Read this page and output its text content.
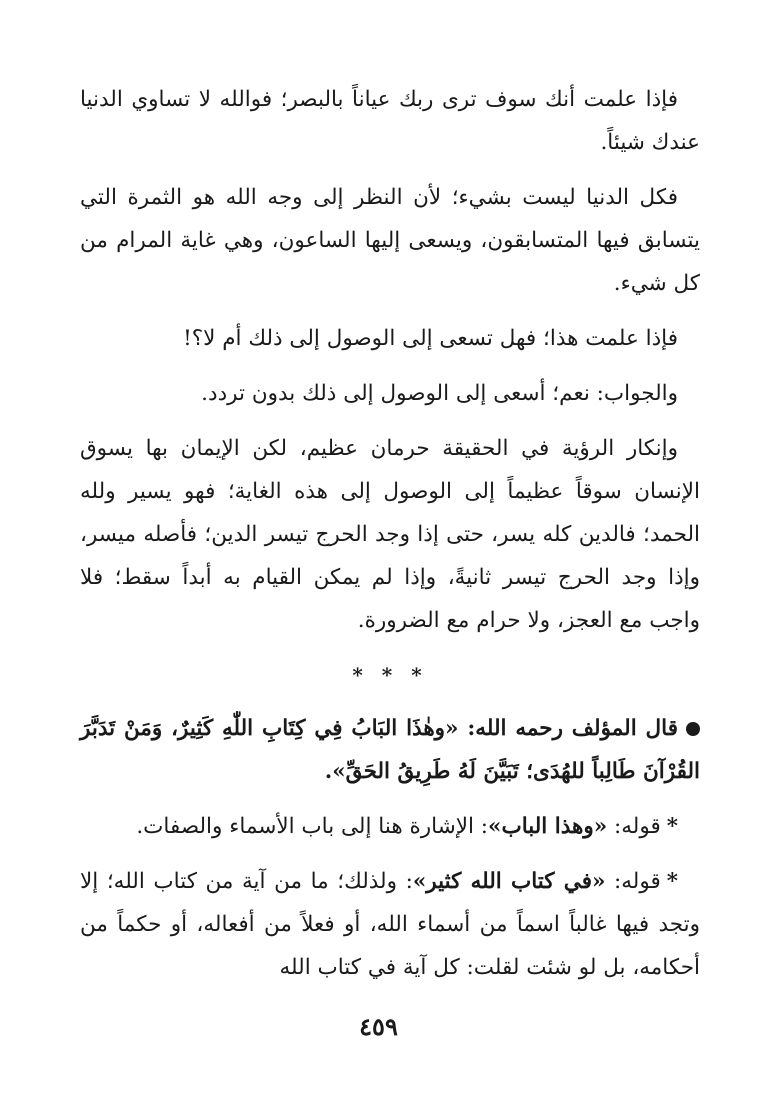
فإذا علمت أنك سوف ترى ربك عياناً بالبصر؛ فوالله لا تساوي الدنيا عندك شيئاً.

فكل الدنيا ليست بشيء؛ لأن النظر إلى وجه الله هو الثمرة التي يتسابق فيها المتسابقون، ويسعى إليها الساعون، وهي غاية المرام من كل شيء.

فإذا علمت هذا؛ فهل تسعى إلى الوصول إلى ذلك أم لا؟!

والجواب: نعم؛ أسعى إلى الوصول إلى ذلك بدون تردد.

وإنكار الرؤية في الحقيقة حرمان عظيم، لكن الإيمان بها يسوق الإنسان سوقاً عظيماً إلى الوصول إلى هذه الغاية؛ فهو يسير ولله الحمد؛ فالدين كله يسر، حتى إذا وجد الحرج تيسر الدين؛ فأصله ميسر، وإذا وجد الحرج تيسر ثانيةً، وإذا لم يمكن القيام به أبداً سقط؛ فلا واجب مع العجز، ولا حرام مع الضرورة.

* * *

قال المؤلف رحمه الله: «وهٰذَا البَابُ فِي كِتَابِ اللّٰهِ كَثِيرٌ، وَمَنْ تَدَبَّرَ القُرْآنَ طَالِباً للهُدَى؛ تَبَيَّنَ لَهُ طَرِيقُ الحَقِّ».

*قوله: «وهذا الباب»: الإشارة هنا إلى باب الأسماء والصفات.

*قوله: «في كتاب الله كثير»: ولذلك؛ ما من آية من كتاب الله؛ إلا وتجد فيها غالباً اسماً من أسماء الله، أو فعلاً من أفعاله، أو حكماً من أحكامه، بل لو شئت لقلت: كل آية في كتاب الله

٤٥٩
